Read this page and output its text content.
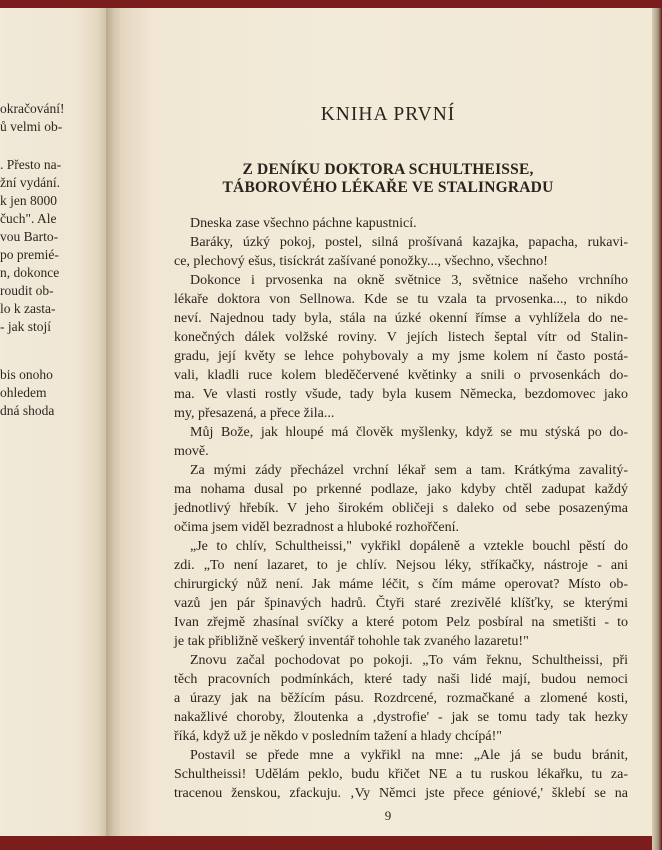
okračování!
ů velmi ob-
. Přesto na-
žní vydání.
k jen 8000
čuch". Ale
vou Barto-
po premié-
n, dokonce
roudit ob-
lo k zasta-
- jak stojí
bis onoho
ohledem
dná shoda
KNIHA PRVNÍ
Z DENÍKU DOKTORA SCHULTHEISSE,
TÁBOROVÉHO LÉKAŘE VE STALINGRADU
Dneska zase všechno páchne kapustnicí.
Baráky, úzký pokoj, postel, silná prošívaná kazajka, papacha, rukavi-
ce, plechový ešus, tisíckrát zašívané ponožky..., všechno, všechno!
Dokonce i prvosenka na okně světnice 3, světnice našeho vrchního
lékaře doktora von Sellnowa. Kde se tu vzala ta prvosenka..., to nikdo
neví. Najednou tady byla, stála na úzké okenní římse a vyhlížela do ne-
konečných dálek volžské roviny. V jejích listech šeptal vítr od Stalin-
gradu, její květy se lehce pohybovaly a my jsme kolem ní často postá-
vali, kladli ruce kolem bleděčervené květinky a snili o prvosenkách do-
ma. Ve vlasti rostly všude, tady byla kusem Německa, bezdomovec jako
my, přesazená, a přece žila...
Můj Bože, jak hloupé má člověk myšlenky, když se mu stýská po do-
mově.
Za mými zády přecházel vrchní lékař sem a tam. Krátkýma zavalitý-
ma nohama dusal po prkenné podlaze, jako kdyby chtěl zadupat každý
jednotlivý hřebík. V jeho širokém obličeji s daleko od sebe posazenýma
očima jsem viděl bezradnost a hluboké rozhořčení.
„Je to chlív, Schultheissi," vykřikl dopáleně a vztekle bouchl pěstí do
zdi. „To není lazaret, to je chlív. Nejsou léky, stříkačky, nástroje - ani
chirurgický nůž není. Jak máme léčit, s čím máme operovat? Místo ob-
vazů jen pár špinavých hadrů. Čtyři staré zrezivělé klíšťky, se kterými
Ivan zřejmě zhasínal svíčky a které potom Pelz posbíral na smetišti - to
je tak přibližně veškerý inventář tohohle tak zvaného lazaretu!"
Znovu začal pochodovat po pokoji. „To vám řeknu, Schultheissi, při
těch pracovních podmínkách, které tady naši lidé mají, budou nemoci
a úrazy jak na běžícím pásu. Rozdrcené, rozmačkané a zlomené kosti,
nakažlivé choroby, žloutenka a ‚dystrofie' - jak se tomu tady tak hezky
říká, když už je někdo v posledním tažení a hlady chcípá!"
Postavil se přede mne a vykřikl na mne: „Ale já se budu bránit,
Schultheissi! Udělám peklo, budu křičet NE a tu ruskou lékařku, tu za-
tracenou ženskou, zfackuju. ‚Vy Němci jste přece géniové,' šklebí se na
9
